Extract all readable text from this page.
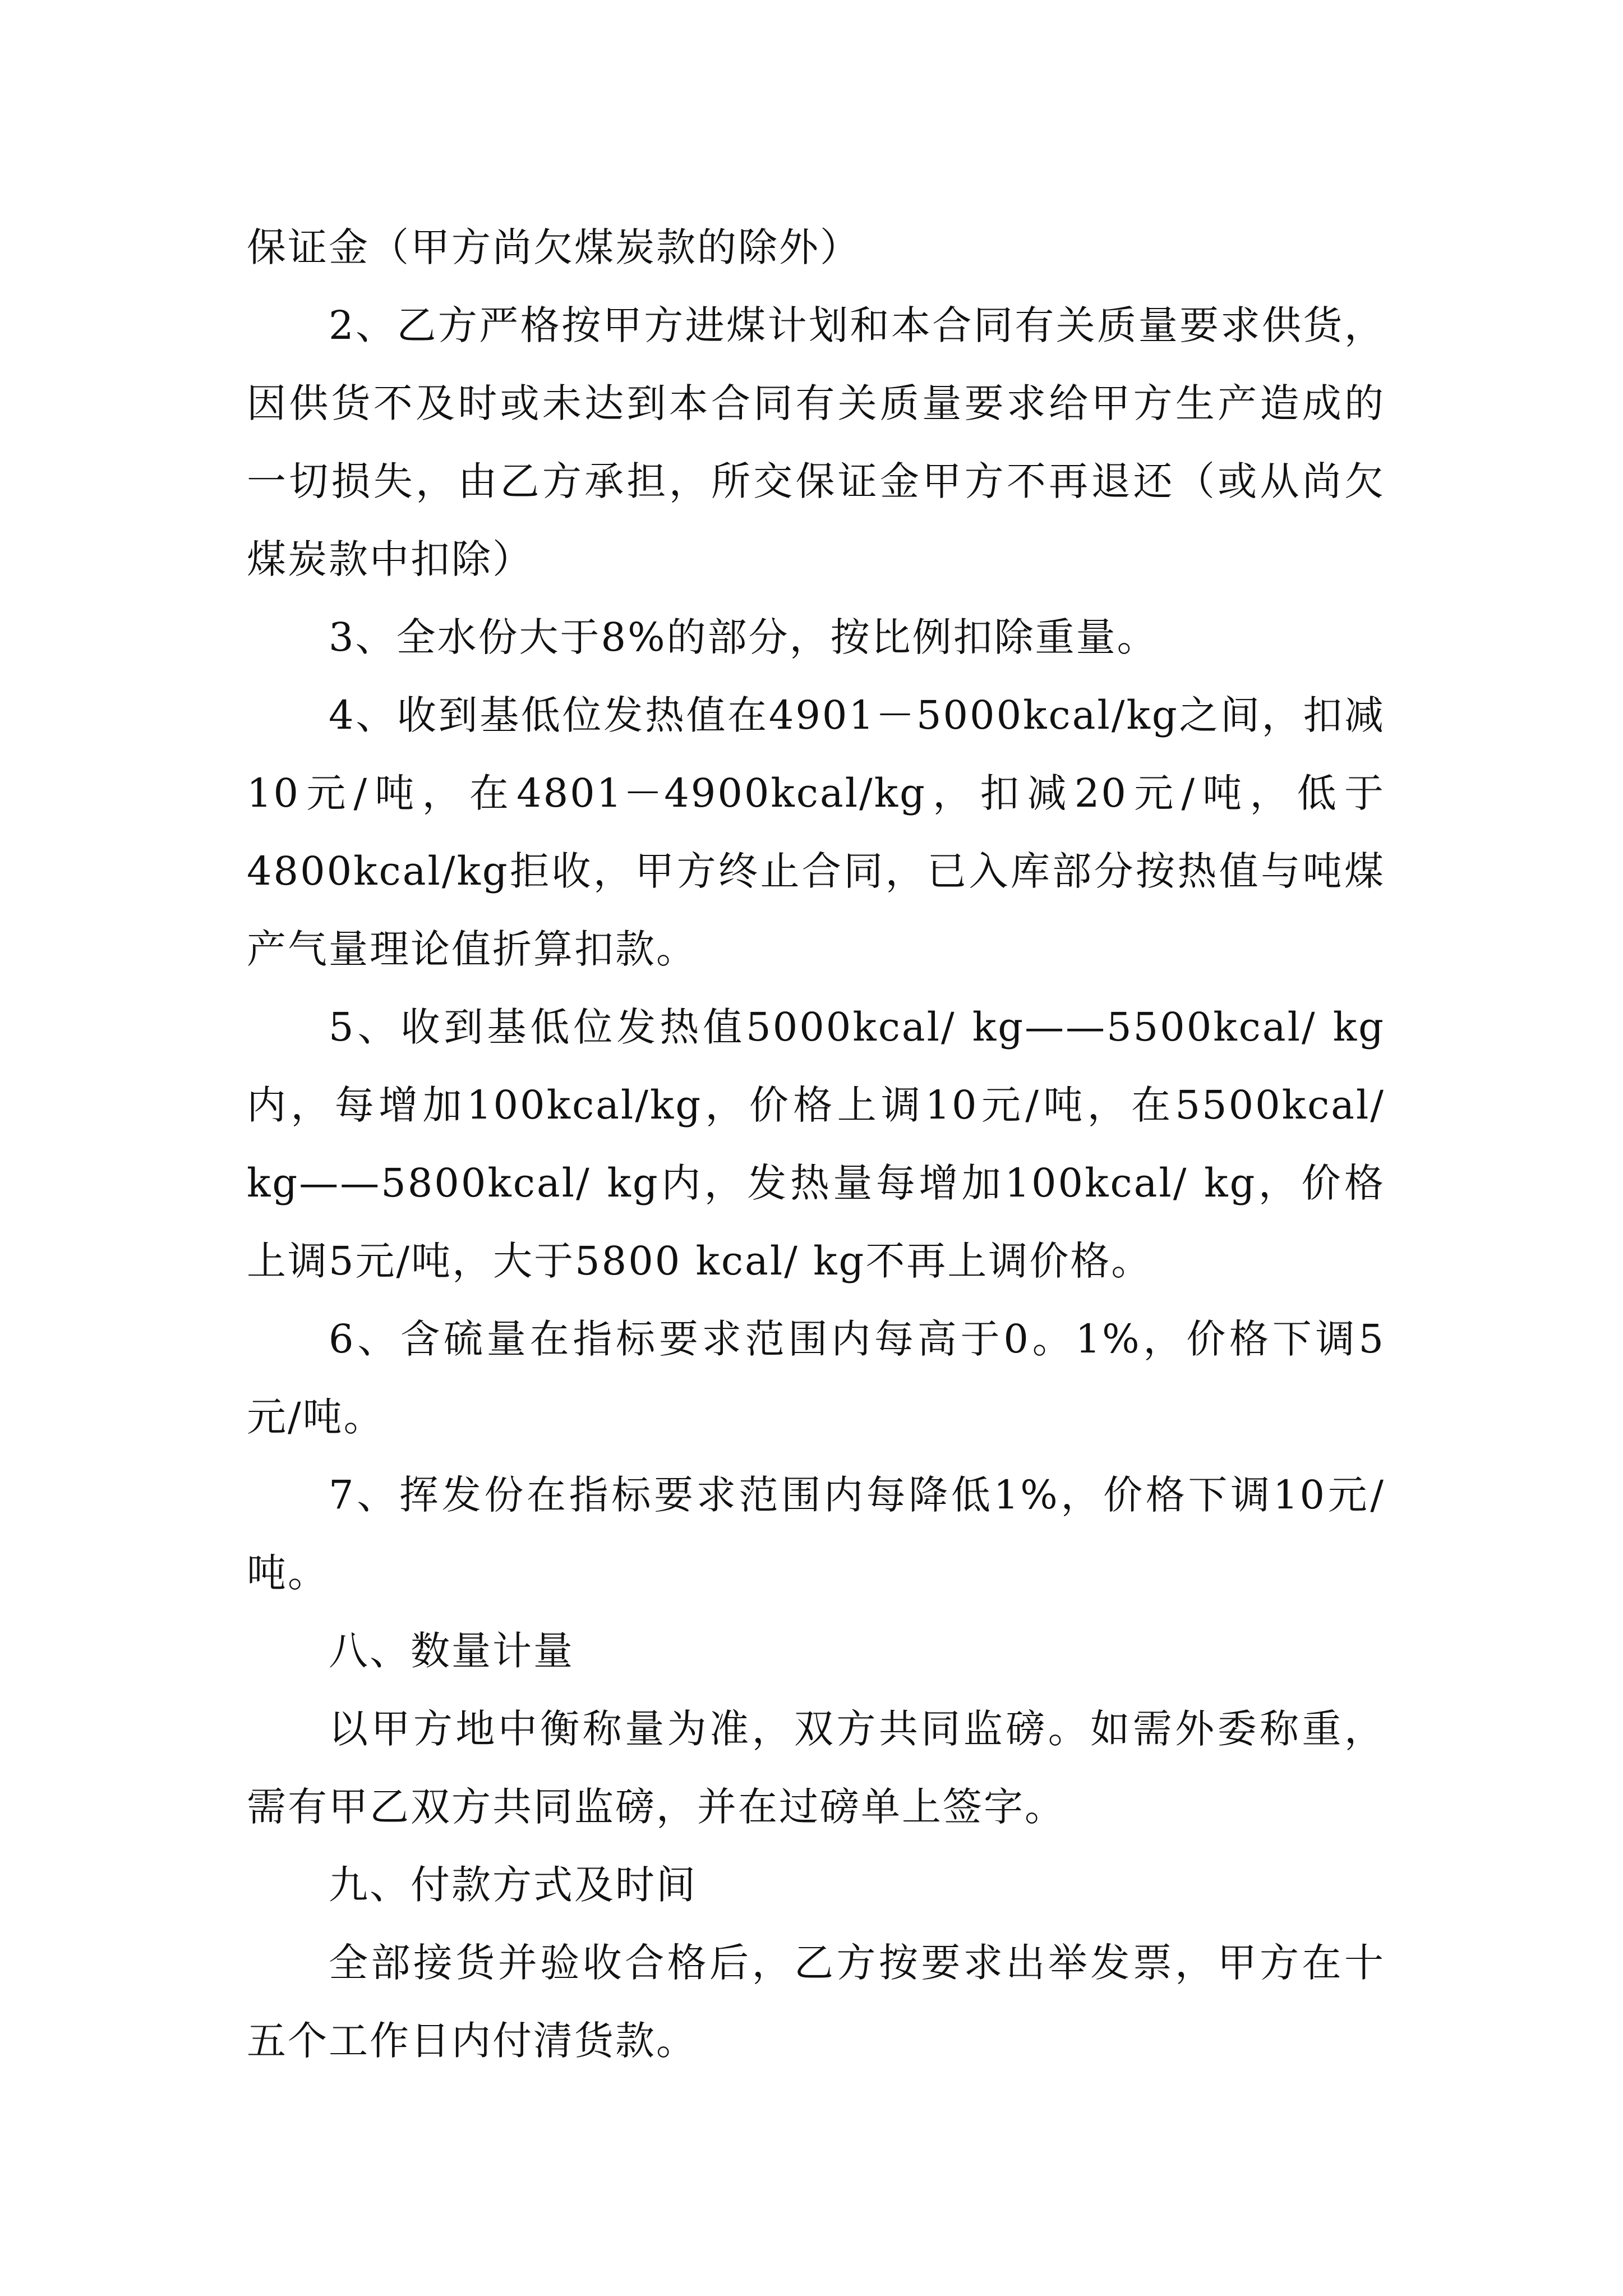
保证金（甲方尚欠煤炭款的除外）

2、乙方严格按甲方进煤计划和本合同有关质量要求供货，因供货不及时或未达到本合同有关质量要求给甲方生产造成的一切损失，由乙方承担，所交保证金甲方不再退还（或从尚欠煤炭款中扣除）

3、全水份大于8%的部分，按比例扣除重量。

4、收到基低位发热值在4901－5000kcal/kg之间，扣减10元/吨，在4801－4900kcal/kg，扣减20元/吨，低于4800kcal/kg拒收，甲方终止合同，已入库部分按热值与吨煤产气量理论值折算扣款。

5、收到基低位发热值5000kcal/ kg——5500kcal/ kg内，每增加100kcal/kg，价格上调10元/吨，在5500kcal/ kg——5800kcal/ kg内，发热量每增加100kcal/ kg，价格上调5元/吨，大于5800 kcal/ kg不再上调价格。

6、含硫量在指标要求范围内每高于0。1%，价格下调5元/吨。

7、挥发份在指标要求范围内每降低1%，价格下调10元/吨。

八、数量计量

以甲方地中衡称量为准，双方共同监磅。如需外委称重，需有甲乙双方共同监磅，并在过磅单上签字。

九、付款方式及时间

全部接货并验收合格后，乙方按要求出举发票，甲方在十五个工作日内付清货款。
